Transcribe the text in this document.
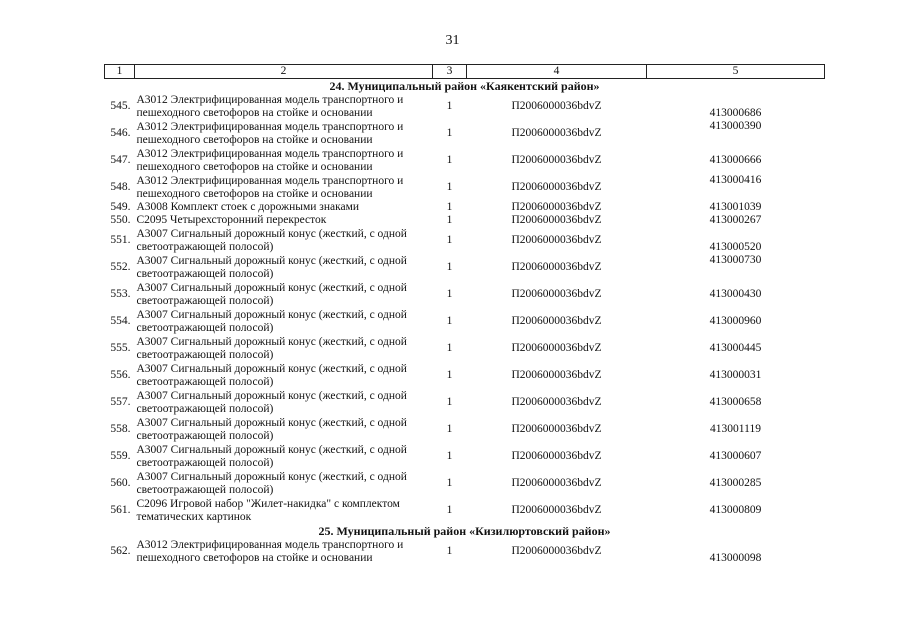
31
1	2	3	4	5
24. Муниципальный район «Каякентский район»				
545.	А3012 Электрифицированная модель транспортного и пешеходного светофоров на стойке и основании	1	П2006000036bdvZ	413000686
546.	А3012 Электрифицированная модель транспортного и пешеходного светофоров на стойке и основании	1	П2006000036bdvZ	413000390
547.	А3012 Электрифицированная модель транспортного и пешеходного светофоров на стойке и основании	1	П2006000036bdvZ	413000666
548.	А3012 Электрифицированная модель транспортного и пешеходного светофоров на стойке и основании	1	П2006000036bdvZ	413000416
549.	А3008 Комплект стоек с дорожными знаками	1	П2006000036bdvZ	413001039
550.	С2095 Четырехсторонний перекресток	1	П2006000036bdvZ	413000267
551.	А3007 Сигнальный дорожный конус (жесткий, с одной светоотражающей полосой)	1	П2006000036bdvZ	413000520
552.	А3007 Сигнальный дорожный конус (жесткий, с одной светоотражающей полосой)	1	П2006000036bdvZ	413000730
553.	А3007 Сигнальный дорожный конус (жесткий, с одной светоотражающей полосой)	1	П2006000036bdvZ	413000430
554.	А3007 Сигнальный дорожный конус (жесткий, с одной светоотражающей полосой)	1	П2006000036bdvZ	413000960
555.	А3007 Сигнальный дорожный конус (жесткий, с одной светоотражающей полосой)	1	П2006000036bdvZ	413000445
556.	А3007 Сигнальный дорожный конус (жесткий, с одной светоотражающей полосой)	1	П2006000036bdvZ	413000031
557.	А3007 Сигнальный дорожный конус (жесткий, с одной светоотражающей полосой)	1	П2006000036bdvZ	413000658
558.	А3007 Сигнальный дорожный конус (жесткий, с одной светоотражающей полосой)	1	П2006000036bdvZ	413001119
559.	А3007 Сигнальный дорожный конус (жесткий, с одной светоотражающей полосой)	1	П2006000036bdvZ	413000607
560.	А3007 Сигнальный дорожный конус (жесткий, с одной светоотражающей полосой)	1	П2006000036bdvZ	413000285
561.	С2096 Игровой набор "Жилет-накидка" с комплектом тематических картинок	1	П2006000036bdvZ	413000809
25. Муниципальный район «Кизилюртовский район»				
562.	А3012 Электрифицированная модель транспортного и пешеходного светофоров на стойке и основании	1	П2006000036bdvZ	413000098
